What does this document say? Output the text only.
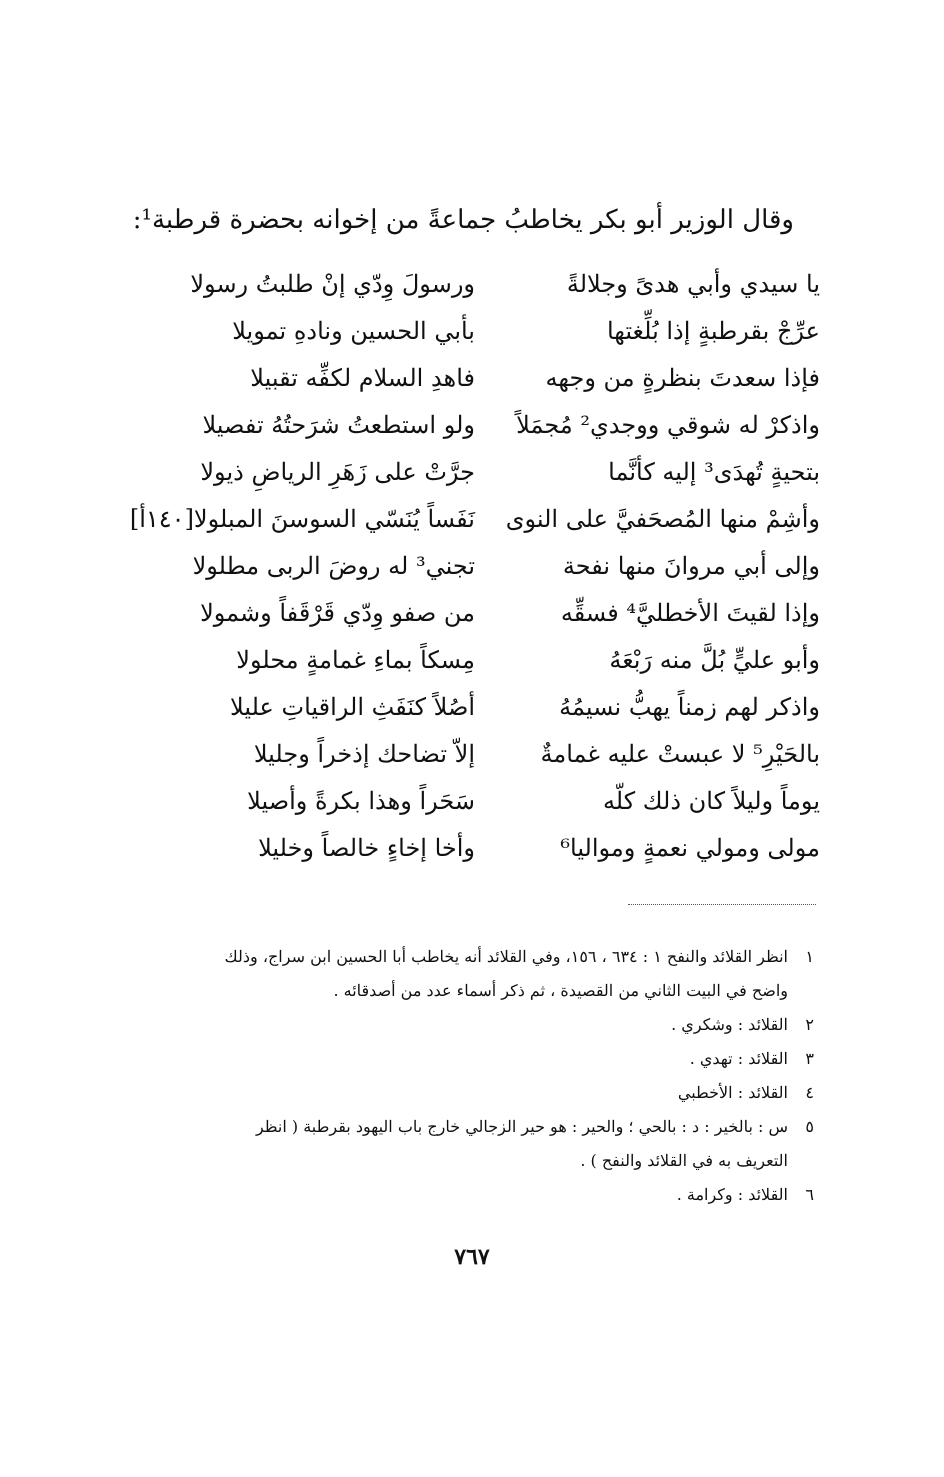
وقال الوزير أبو بكر يخاطبُ جماعةً من إخوانه بحضرة قرطبة¹:
يا سيدي وأبي هدىً وجلالةً
ورسولَ وِدّي إنْ طلبتُ رسولا
عرِّجْ بقرطبةٍ إذا بُلِّغتها
بأبي الحسين ونادهِ تمويلا
فإذا سعدتَ بنظرةٍ من وجهه
فاهدِ السلام لكفِّه تقبيلا
واذكرْ له شوقي ووجدي² مُجمَلاً
ولو استطعتُ شرَحتُهُ تفصيلا
بتحيةٍ تُهدَى³ إليه كأنَّما
جرَّتْ على زَهَرِ الرياضِ ذيولا
وأشِمْ منها المُصحَفيَّ على النوى
نَفَساً يُنَسّي السوسنَ المبلولا[١٤٠أ]
وإلى أبي مروانَ منها نفحة
تجني³ له روضَ الربى مطلولا
وإذا لقيتَ الأخطليَّ⁴ فسقِّه
من صفو وِدّي قَرْقَفاً وشمولا
وأبو عليٍّ بُلَّ منه رَبْعَهُ
مِسكاً بماءِ غمامةٍ محلولا
واذكر لهم زمناً يهبُّ نسيمُهُ
أصُلاً كنَفَثِ الراقياتِ عليلا
بالحَيْرِ⁵ لا عبستْ عليه غمامةٌ
إلاّ تضاحك إذخراً وجليلا
يوماً وليلاً كان ذلك كلّه
سَحَراً وهذا بكرةً وأصيلا
مولى ومولي نعمةٍ ومواليا⁶
وأخا إخاءٍ خالصاً وخليلا
١انظر القلائد والنفح ١ : ٦٣٤ ، ١٥٦، وفي القلائد أنه يخاطب أبا الحسين ابن سراج، وذلك
واضح في البيت الثاني من القصيدة ، ثم ذكر أسماء عدد من أصدقائه .
٢القلائد : وشكري .
٣القلائد : تهدي .
٤القلائد : الأخطبي
٥س : بالخير : د : بالحي ؛ والحير : هو حير الزجالي خارج باب اليهود بقرطبة ( انظر
التعريف به في القلائد والنفح ) .
٦القلائد : وكرامة .
٧٦٧
